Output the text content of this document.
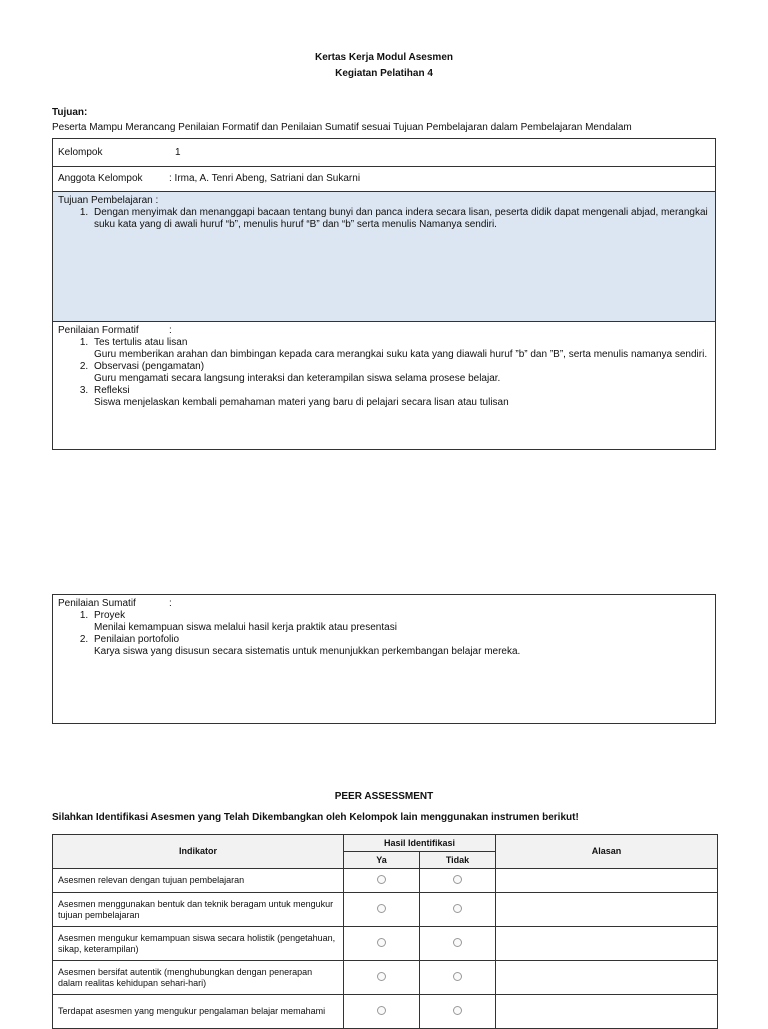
Kertas Kerja Modul Asesmen
Kegiatan Pelatihan 4
Tujuan:
Peserta Mampu Merancang Penilaian Formatif dan Penilaian Sumatif sesuai Tujuan Pembelajaran dalam Pembelajaran Mendalam
Kelompok	1
Anggota Kelompok	: Irma, A. Tenri Abeng, Satriani dan Sukarni
Tujuan Pembelajaran :
1. Dengan menyimak dan menanggapi bacaan tentang bunyi dan panca indera secara lisan, peserta didik dapat mengenali abjad, merangkai suku kata yang di awali huruf “b”, menulis huruf “B” dan “b” serta menulis Namanya sendiri.
Penilaian Formatif	:
1. Tes tertulis atau lisan
Guru memberikan arahan dan bimbingan kepada cara merangkai suku kata yang diawali huruf ”b” dan ”B”, serta menulis namanya sendiri.
2. Observasi (pengamatan)
Guru mengamati secara langsung interaksi dan keterampilan siswa selama prosese belajar.
3. Refleksi
Siswa menjelaskan kembali pemahaman materi yang baru di pelajari secara lisan atau tulisan
Penilaian Sumatif	:
1. Proyek
Menilai kemampuan siswa melalui hasil kerja praktik atau presentasi
2. Penilaian portofolio
Karya siswa yang disusun secara sistematis untuk menunjukkan perkembangan belajar mereka.
PEER ASSESSMENT
Silahkan Identifikasi Asesmen yang Telah Dikembangkan oleh Kelompok lain menggunakan instrumen berikut!
Indikator	Hasil Identifikasi		Alasan
	Ya	Tidak	
Asesmen relevan dengan tujuan pembelajaran			
Asesmen menggunakan bentuk dan teknik beragam untuk mengukur tujuan pembelajaran			
Asesmen mengukur kemampuan siswa secara holistik (pengetahuan, sikap, keterampilan)			
Asesmen bersifat autentik (menghubungkan dengan penerapan dalam realitas kehidupan sehari-hari)			
Terdapat asesmen yang mengukur pengalaman belajar memahami			
